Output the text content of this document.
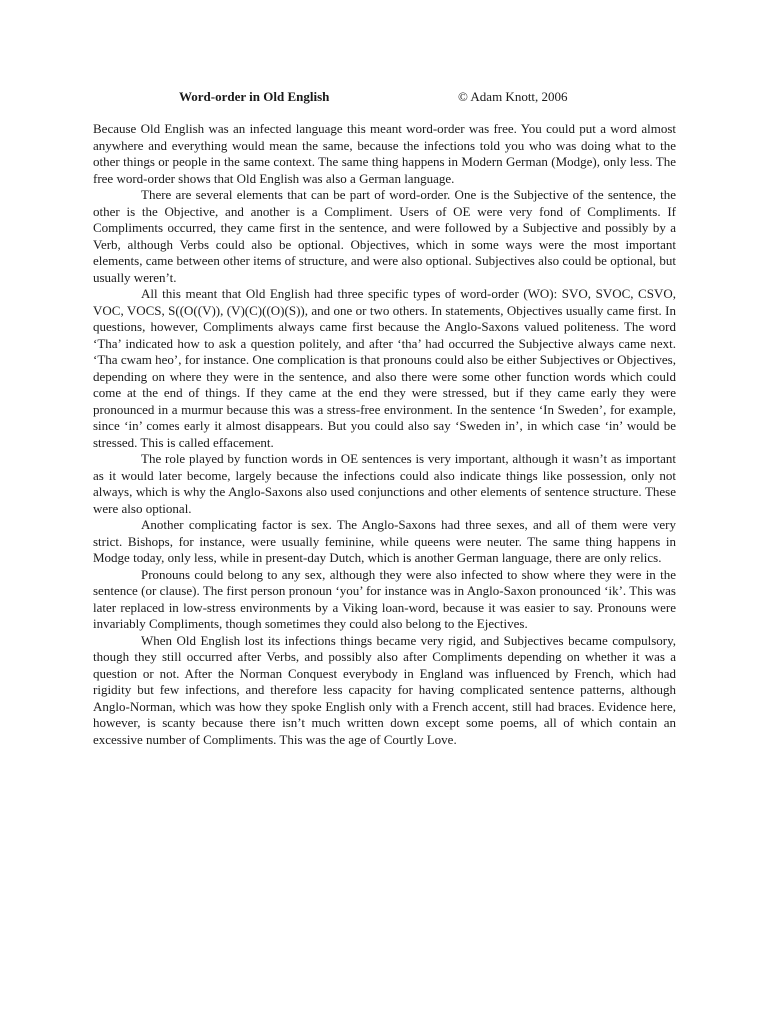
Word-order in Old English	© Adam Knott, 2006

Because Old English was an infected language this meant word-order was free. You could put a word almost anywhere and everything would mean the same, because the infections told you who was doing what to the other things or people in the same context. The same thing happens in Modern German (Modge), only less. The free word-order shows that Old English was also a German language.

There are several elements that can be part of word-order. One is the Subjective of the sentence, the other is the Objective, and another is a Compliment. Users of OE were very fond of Compliments. If Compliments occurred, they came first in the sentence, and were followed by a Subjective and possibly by a Verb, although Verbs could also be optional. Objectives, which in some ways were the most important elements, came between other items of structure, and were also optional. Subjectives also could be optional, but usually weren’t.

All this meant that Old English had three specific types of word-order (WO): SVO, SVOC, CSVO, VOC, VOCS, S((O((V)), (V)(C)((O)(S)), and one or two others. In statements, Objectives usually came first. In questions, however, Compliments always came first because the Anglo-Saxons valued politeness. The word ‘Tha’ indicated how to ask a question politely, and after ‘tha’ had occurred the Subjective always came next. ‘Tha cwam heo’, for instance. One complication is that pronouns could also be either Subjectives or Objectives, depending on where they were in the sentence, and also there were some other function words which could come at the end of things. If they came at the end they were stressed, but if they came early they were pronounced in a murmur because this was a stress-free environment. In the sentence ‘In Sweden’, for example, since ‘in’ comes early it almost disappears. But you could also say ‘Sweden in’, in which case ‘in’ would be stressed. This is called effacement.

The role played by function words in OE sentences is very important, although it wasn’t as important as it would later become, largely because the infections could also indicate things like possession, only not always, which is why the Anglo-Saxons also used conjunctions and other elements of sentence structure. These were also optional.

Another complicating factor is sex. The Anglo-Saxons had three sexes, and all of them were very strict. Bishops, for instance, were usually feminine, while queens were neuter. The same thing happens in Modge today, only less, while in present-day Dutch, which is another German language, there are only relics.

Pronouns could belong to any sex, although they were also infected to show where they were in the sentence (or clause). The first person pronoun ‘you’ for instance was in Anglo-Saxon pronounced ‘ik’. This was later replaced in low-stress environments by a Viking loan-word, because it was easier to say. Pronouns were invariably Compliments, though sometimes they could also belong to the Ejectives.

When Old English lost its infections things became very rigid, and Subjectives became compulsory, though they still occurred after Verbs, and possibly also after Compliments depending on whether it was a question or not. After the Norman Conquest everybody in England was influenced by French, which had rigidity but few infections, and therefore less capacity for having complicated sentence patterns, although Anglo-Norman, which was how they spoke English only with a French accent, still had braces. Evidence here, however, is scanty because there isn’t much written down except some poems, all of which contain an excessive number of Compliments. This was the age of Courtly Love.
